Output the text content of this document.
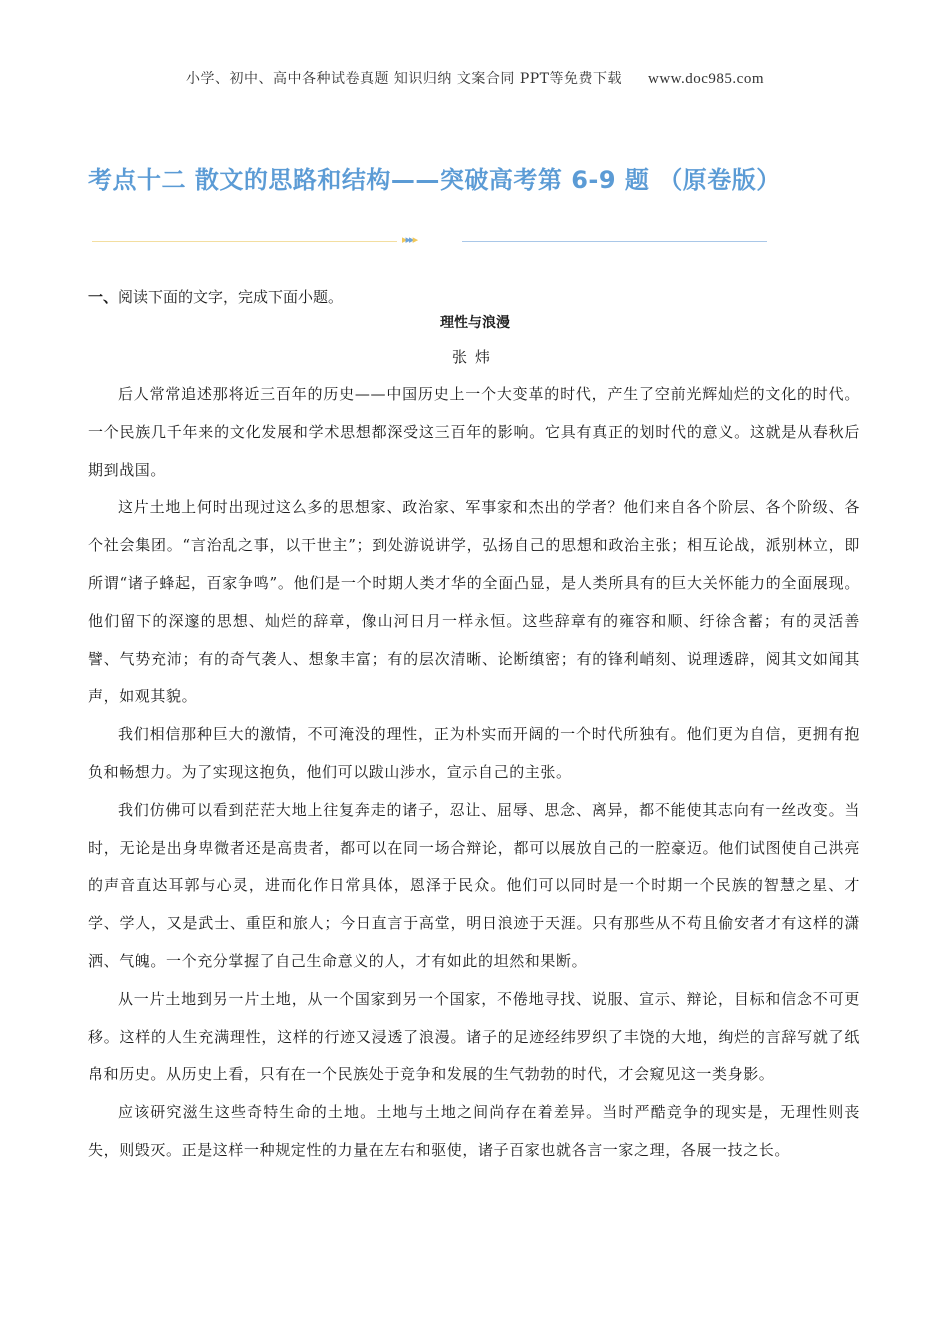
小学、初中、高中各种试卷真题 知识归纳 文案合同 PPT等免费下载 www.doc985.com
考点十二 散文的思路和结构——突破高考第 6-9 题 （原卷版）
▸▸▸▸
一、阅读下面的文字，完成下面小题。
理性与浪漫
张炜

后人常常追述那将近三百年的历史——中国历史上一个大变革的时代，产生了空前光辉灿烂的文化的时代。一个民族几千年来的文化发展和学术思想都深受这三百年的影响。它具有真正的划时代的意义。这就是从春秋后期到战国。

这片土地上何时出现过这么多的思想家、政治家、军事家和杰出的学者？他们来自各个阶层、各个阶级、各个社会集团。“言治乱之事，以干世主”；到处游说讲学，弘扬自己的思想和政治主张；相互论战，派别林立，即所谓“诸子蜂起，百家争鸣”。他们是一个时期人类才华的全面凸显，是人类所具有的巨大关怀能力的全面展现。他们留下的深邃的思想、灿烂的辞章，像山河日月一样永恒。这些辞章有的雍容和顺、纡徐含蓄；有的灵活善譬、气势充沛；有的奇气袭人、想象丰富；有的层次清晰、论断缜密；有的锋利峭刻、说理透辟，阅其文如闻其声，如观其貌。

我们相信那种巨大的激情，不可淹没的理性，正为朴实而开阔的一个时代所独有。他们更为自信，更拥有抱负和畅想力。为了实现这抱负，他们可以跋山涉水，宣示自己的主张。

我们仿佛可以看到茫茫大地上往复奔走的诸子，忍让、屈辱、思念、离异，都不能使其志向有一丝改变。当时，无论是出身卑微者还是高贵者，都可以在同一场合辩论，都可以展放自己的一腔豪迈。他们试图使自己洪亮的声音直达耳郭与心灵，进而化作日常具体，恩泽于民众。他们可以同时是一个时期一个民族的智慧之星、才学、学人，又是武士、重臣和旅人；今日直言于高堂，明日浪迹于天涯。只有那些从不苟且偷安者才有这样的潇洒、气魄。一个充分掌握了自己生命意义的人，才有如此的坦然和果断。

从一片土地到另一片土地，从一个国家到另一个国家，不倦地寻找、说服、宣示、辩论，目标和信念不可更移。这样的人生充满理性，这样的行迹又浸透了浪漫。诸子的足迹经纬罗织了丰饶的大地，绚烂的言辞写就了纸帛和历史。从历史上看，只有在一个民族处于竞争和发展的生气勃勃的时代，才会窥见这一类身影。

应该研究滋生这些奇特生命的土地。土地与土地之间尚存在着差异。当时严酷竞争的现实是，无理性则丧失，则毁灭。正是这样一种规定性的力量在左右和驱使，诸子百家也就各言一家之理，各展一技之长。
